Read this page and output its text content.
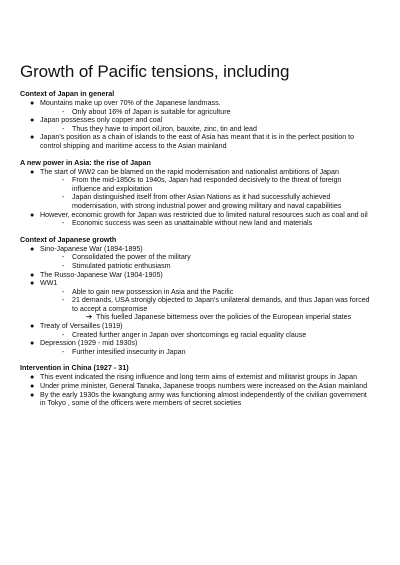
Growth of Pacific tensions, including
Context of Japan in general
● Mountains make up over 70% of the Japanese landmass.
- Only about 16% of Japan is suitable for agriculture
● Japan possesses only copper and coal
- Thus they have to import oil,iron, bauxite, zinc, tin and lead
● Japan's position as a chain of islands to the east of Asia has meant that it is in the perfect position to control shipping and maritime access to the Asian mainland
A new power in Asia: the rise of Japan
● The start of WW2 can be blamed on the rapid modernisation and nationalist ambitions of Japan
- From the mid-1850s to 1940s, Japan had responded decisively to the threat of foreign influence and exploitation
- Japan distinguished itself from other Asian Nations as it had successfully achieved modernisation, with strong industrial power and growing military and naval capabilities
● However, economic growth for Japan was restricted due to limited natural resources such as coal and oil
- Economic success was seen as unattainable without new land and materials
Context of Japanese growth
● Sino-Japanese War (1894-1895)
- Consolidated the power of the military
- Stimulated patriotic enthusiasm
● The Russo-Japanese War (1904-1905)
● WW1
- Able to gain new possession in Asia and the Pacific
- 21 demands, USA strongly objected to Japan's unilateral demands, and thus Japan was forced to accept a compromise
➔ This fuelled Japanese bitterness over the policies of the European imperial states
● Treaty of Versailles (1919)
- Created further anger in Japan over shortcomings eg racial equality clause
● Depression (1929 - mid 1930s)
- Further intesified insecurity in Japan
Intervention in China (1927 - 31)
● This event indicated the rising influence and long term aims of extemist and militarist groups in Japan
● Under prime minister, General Tanaka, Japanese troops numbers were increased on the Asian mainland
● By the early 1930s the kwangtung army was functioning almost independently of the civilian government in Tokyo , some of the officers were members of secret societies
